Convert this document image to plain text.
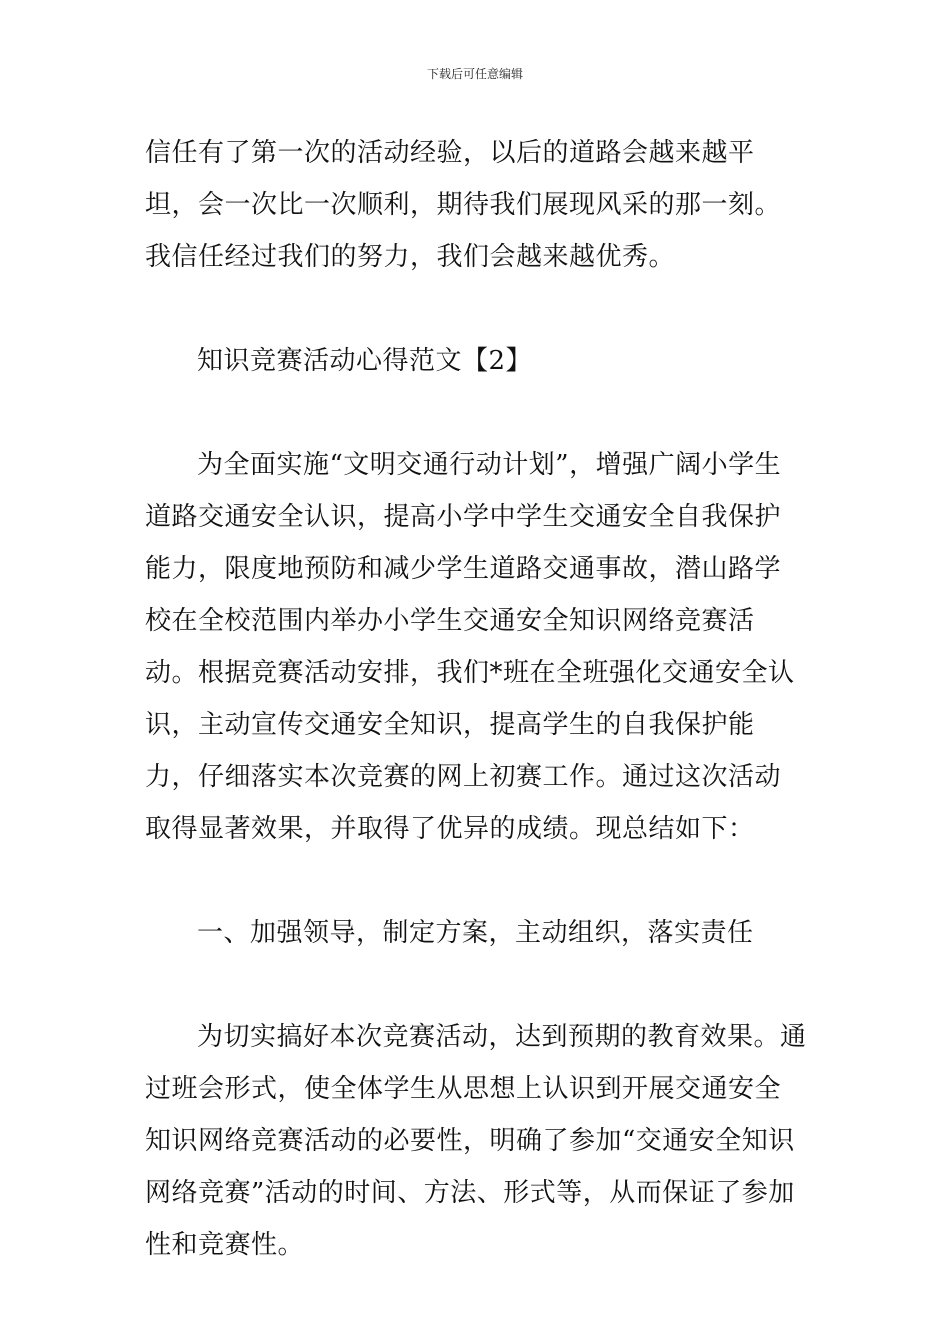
下载后可任意编辑

信任有了第一次的活动经验，以后的道路会越来越平坦，会一次比一次顺利，期待我们展现风采的那一刻。我信任经过我们的努力，我们会越来越优秀。

知识竞赛活动心得范文【2】

为全面实施“文明交通行动计划”，增强广阔小学生道路交通安全认识，提高小学中学生交通安全自我保护能力，限度地预防和减少学生道路交通事故，潜山路学校在全校范围内举办小学生交通安全知识网络竞赛活动。根据竞赛活动安排，我们*班在全班强化交通安全认识，主动宣传交通安全知识，提高学生的自我保护能力，仔细落实本次竞赛的网上初赛工作。通过这次活动取得显著效果，并取得了优异的成绩。现总结如下：

一、加强领导，制定方案，主动组织，落实责任

为切实搞好本次竞赛活动，达到预期的教育效果。通过班会形式，使全体学生从思想上认识到开展交通安全知识网络竞赛活动的必要性，明确了参加“交通安全知识网络竞赛”活动的时间、方法、形式等，从而保证了参加性和竞赛性。
